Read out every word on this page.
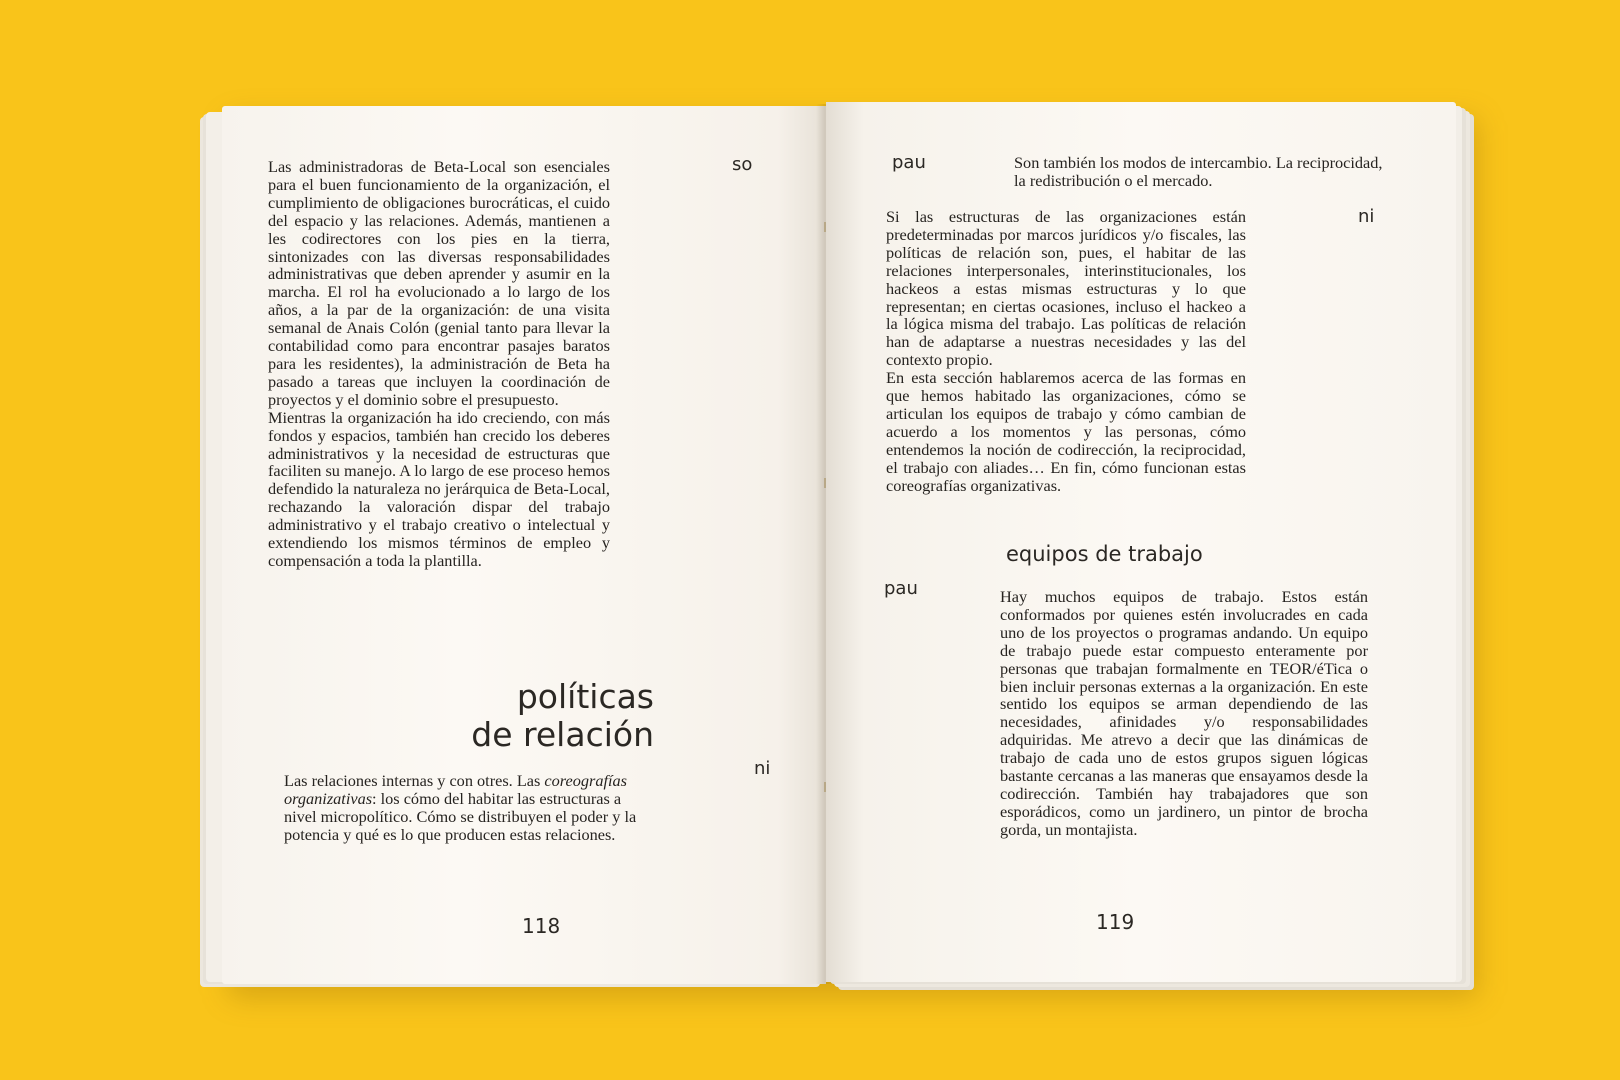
so

Las administradoras de Beta-Local son esenciales para el buen funcionamiento de la organización, el cumplimiento de obligaciones burocráticas, el cuido del espacio y las relaciones. Además, mantienen a les codirectores con los pies en la tierra, sintonizades con las diversas responsabilidades administrativas que deben aprender y asumir en la marcha. El rol ha evolucionado a lo largo de los años, a la par de la organización: de una visita semanal de Anais Colón (genial tanto para llevar la contabilidad como para encontrar pasajes baratos para les residentes), la administración de Beta ha pasado a tareas que incluyen la coordinación de proyectos y el dominio sobre el presupuesto.

Mientras la organización ha ido creciendo, con más fondos y espacios, también han crecido los deberes administrativos y la necesidad de estructuras que faciliten su manejo. A lo largo de ese proceso hemos defendido la naturaleza no jerárquica de Beta-Local, rechazando la valoración dispar del trabajo administrativo y el trabajo creativo o intelectual y extendiendo los mismos términos de empleo y compensación a toda la plantilla.

políticas
de relación
ni

Las relaciones internas y con otres. Las coreografías organizativas: los cómo del habitar las estructuras a nivel micropolítico. Cómo se distribuyen el poder y la potencia y qué es lo que producen estas relaciones.

118
pau	Son también los modos de intercambio. La reciprocidad, la redistribución o el mercado.
ni

Si las estructuras de las organizaciones están predeterminadas por marcos jurídicos y/o fiscales, las políticas de relación son, pues, el habitar de las relaciones interpersonales, interinstitucionales, los hackeos a estas mismas estructuras y lo que representan; en ciertas ocasiones, incluso el hackeo a la lógica misma del trabajo. Las políticas de relación han de adaptarse a nuestras necesidades y las del contexto propio.

En esta sección hablaremos acerca de las formas en que hemos habitado las organizaciones, cómo se articulan los equipos de trabajo y cómo cambian de acuerdo a los momentos y las personas, cómo entendemos la noción de codirección, la reciprocidad, el trabajo con aliades… En fin, cómo funcionan estas coreografías organizativas.

equipos de trabajo
pau	Hay muchos equipos de trabajo. Estos están conformados por quienes estén involucrades en cada uno de los proyectos o programas andando. Un equipo de trabajo puede estar compuesto enteramente por personas que trabajan formalmente en TEOR/éTica o bien incluir personas externas a la organización. En este sentido los equipos se arman dependiendo de las necesidades, afinidades y/o responsabilidades adquiridas. Me atrevo a decir que las dinámicas de trabajo de cada uno de estos grupos siguen lógicas bastante cercanas a las maneras que ensayamos desde la codirección. También hay trabajadores que son esporádicos, como un jardinero, un pintor de brocha gorda, un montajista.

119
